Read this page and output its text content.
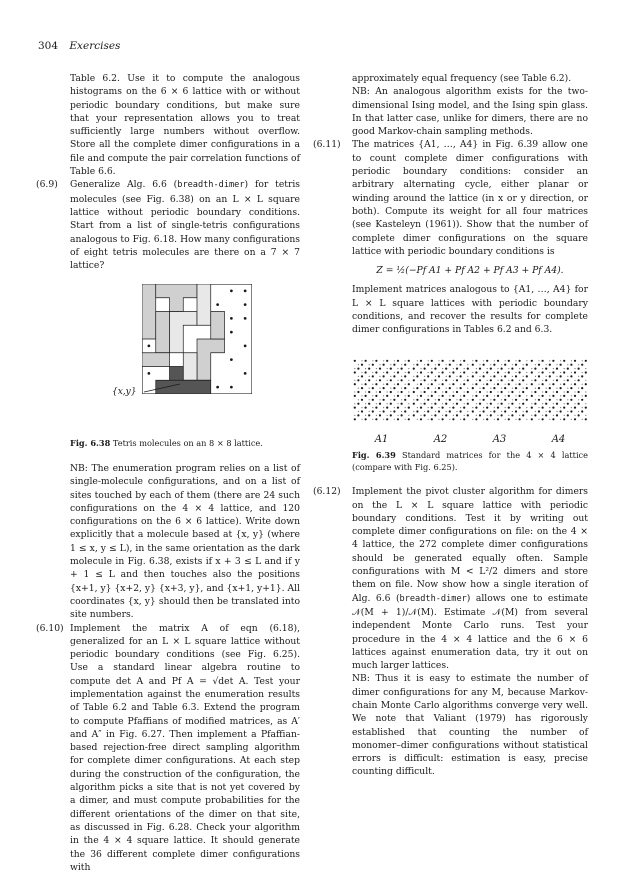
304 Exercises

Table 6.2. Use it to compute the analogous histograms on the 6 × 6 lattice with or without periodic boundary conditions, but make sure that your representation allows you to treat sufficiently large numbers without overflow. Store all the complete dimer configurations in a file and compute the pair correlation functions of Table 6.6.

(6.9) Generalize Alg. 6.6 (breadth-dimer) for tetris molecules (see Fig. 6.38) on an L × L square lattice without periodic boundary conditions. Start from a list of single-tetris configurations analogous to Fig. 6.18. How many configurations of eight tetris molecules are there on a 7 × 7 lattice?

{x,y}

Fig. 6.38 Tetris molecules on an 8 × 8 lattice.

NB: The enumeration program relies on a list of single-molecule configurations, and on a list of sites touched by each of them (there are 24 such configurations on the 4 × 4 lattice, and 120 configurations on the 6 × 6 lattice). Write down explicitly that a molecule based at {x, y} (where 1 ≤ x, y ≤ L), in the same orientation as the dark molecule in Fig. 6.38, exists if x + 3 ≤ L and if y + 1 ≤ L and then touches also the positions {x+1, y} {x+2, y} {x+3, y}, and {x+1, y+1}. All coordinates {x, y} should then be translated into site numbers.

(6.10) Implement the matrix A of eqn (6.18), generalized for an L × L square lattice without periodic boundary conditions (see Fig. 6.25). Use a standard linear algebra routine to compute det A and Pf A = √det A. Test your implementation against the enumeration results of Table 6.2 and Table 6.3. Extend the program to compute Pfaffians of modified matrices, as A′ and A″ in Fig. 6.27. Then implement a Pfaffian-based rejection-free direct sampling algorithm for complete dimer configurations. At each step during the construction of the configuration, the algorithm picks a site that is not yet covered by a dimer, and must compute probabilities for the different orientations of the dimer on that site, as discussed in Fig. 6.28. Check your algorithm in the 4 × 4 square lattice. It should generate the 36 different complete dimer configurations with

approximately equal frequency (see Table 6.2).

NB: An analogous algorithm exists for the two-dimensional Ising model, and the Ising spin glass. In that latter case, unlike for dimers, there are no good Markov-chain sampling methods.

(6.11) The matrices {A1, …, A4} in Fig. 6.39 allow one to count complete dimer configurations with periodic boundary conditions: consider an arbitrary alternating cycle, either planar or winding around the lattice (in x or y direction, or both). Compute its weight for all four matrices (see Kasteleyn (1961)). Show that the number of complete dimer configurations on the square lattice with periodic boundary conditions is

Z = ½(−Pf A1 + Pf A2 + Pf A3 + Pf A4).

Implement matrices analogous to {A1, …, A4} for L × L square lattices with periodic boundary conditions, and recover the results for complete dimer configurations in Tables 6.2 and 6.3.

A1	A2	A3	A4

Fig. 6.39 Standard matrices for the 4 × 4 lattice (compare with Fig. 6.25).

(6.12) Implement the pivot cluster algorithm for dimers on the L × L square lattice with periodic boundary conditions. Test it by writing out complete dimer configurations on file: on the 4 × 4 lattice, the 272 complete dimer configurations should be generated equally often. Sample configurations with M < L²/2 dimers and store them on file. Now show how a single iteration of Alg. 6.6 (breadth-dimer) allows one to estimate 𝒩(M + 1)/𝒩(M). Estimate 𝒩(M) from several independent Monte Carlo runs. Test your procedure in the 4 × 4 lattice and the 6 × 6 lattices against enumeration data, try it out on much larger lattices.

NB: Thus it is easy to estimate the number of dimer configurations for any M, because Markov-chain Monte Carlo algorithms converge very well. We note that Valiant (1979) has rigorously established that counting the number of monomer–dimer configurations without statistical errors is difficult: estimation is easy, precise counting difficult.
